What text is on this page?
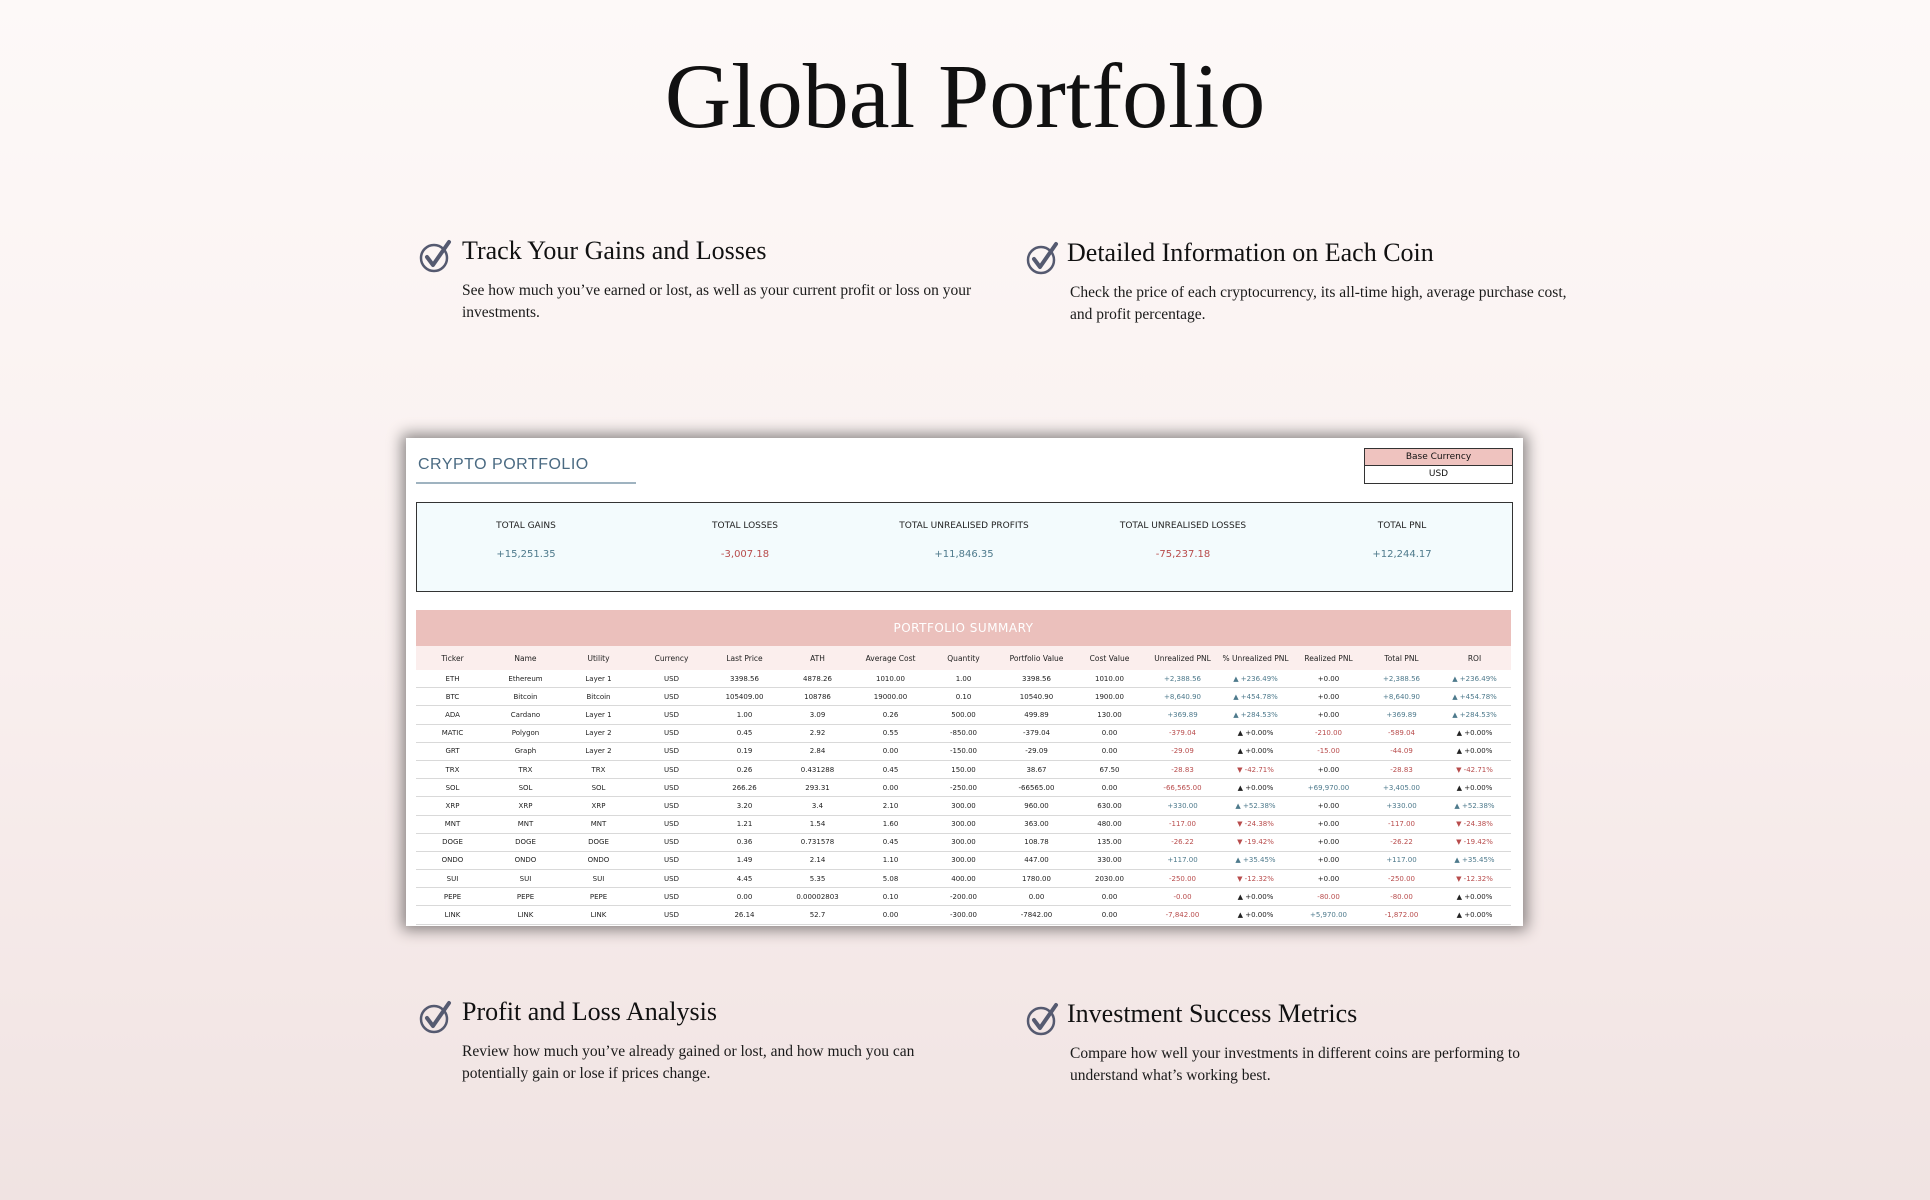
Global Portfolio
Track Your Gains and Losses
See how much you’ve earned or lost, as well as your current profit or loss on your investments.
Detailed Information on Each Coin
Check the price of each cryptocurrency, its all-time high, average purchase cost, and profit percentage.
Profit and Loss Analysis
Review how much you’ve already gained or lost, and how much you can potentially gain or lose if prices change.
Investment Success Metrics
Compare how well your investments in different coins are performing to understand what’s working best.
CRYPTO PORTFOLIO	Base Currency
USD
TOTAL GAINS
+15,251.35
TOTAL LOSSES
-3,007.18
TOTAL UNREALISED PROFITS
+11,846.35
TOTAL UNREALISED LOSSES
-75,237.18
TOTAL PNL
+12,244.17
PORTFOLIO SUMMARY
Ticker	Name	Utility	Currency	Last Price	ATH	Average Cost	Quantity	Portfolio Value	Cost Value	Unrealized PNL	% Unrealized PNL	Realized PNL	Total PNL	ROI
ETH	Ethereum	Layer 1	USD	3398.56	4878.26	1010.00	1.00	3398.56	1010.00	+2,388.56	▲ +236.49%	+0.00	+2,388.56	▲ +236.49%
BTC	Bitcoin	Bitcoin	USD	105409.00	108786	19000.00	0.10	10540.90	1900.00	+8,640.90	▲ +454.78%	+0.00	+8,640.90	▲ +454.78%
ADA	Cardano	Layer 1	USD	1.00	3.09	0.26	500.00	499.89	130.00	+369.89	▲ +284.53%	+0.00	+369.89	▲ +284.53%
MATIC	Polygon	Layer 2	USD	0.45	2.92	0.55	-850.00	-379.04	0.00	-379.04	▲ +0.00%	-210.00	-589.04	▲ +0.00%
GRT	Graph	Layer 2	USD	0.19	2.84	0.00	-150.00	-29.09	0.00	-29.09	▲ +0.00%	-15.00	-44.09	▲ +0.00%
TRX	TRX	TRX	USD	0.26	0.431288	0.45	150.00	38.67	67.50	-28.83	▼ -42.71%	+0.00	-28.83	▼ -42.71%
SOL	SOL	SOL	USD	266.26	293.31	0.00	-250.00	-66565.00	0.00	-66,565.00	▲ +0.00%	+69,970.00	+3,405.00	▲ +0.00%
XRP	XRP	XRP	USD	3.20	3.4	2.10	300.00	960.00	630.00	+330.00	▲ +52.38%	+0.00	+330.00	▲ +52.38%
MNT	MNT	MNT	USD	1.21	1.54	1.60	300.00	363.00	480.00	-117.00	▼ -24.38%	+0.00	-117.00	▼ -24.38%
DOGE	DOGE	DOGE	USD	0.36	0.731578	0.45	300.00	108.78	135.00	-26.22	▼ -19.42%	+0.00	-26.22	▼ -19.42%
ONDO	ONDO	ONDO	USD	1.49	2.14	1.10	300.00	447.00	330.00	+117.00	▲ +35.45%	+0.00	+117.00	▲ +35.45%
SUI	SUI	SUI	USD	4.45	5.35	5.08	400.00	1780.00	2030.00	-250.00	▼ -12.32%	+0.00	-250.00	▼ -12.32%
PEPE	PEPE	PEPE	USD	0.00	0.00002803	0.10	-200.00	0.00	0.00	-0.00	▲ +0.00%	-80.00	-80.00	▲ +0.00%
LINK	LINK	LINK	USD	26.14	52.7	0.00	-300.00	-7842.00	0.00	-7,842.00	▲ +0.00%	+5,970.00	-1,872.00	▲ +0.00%
